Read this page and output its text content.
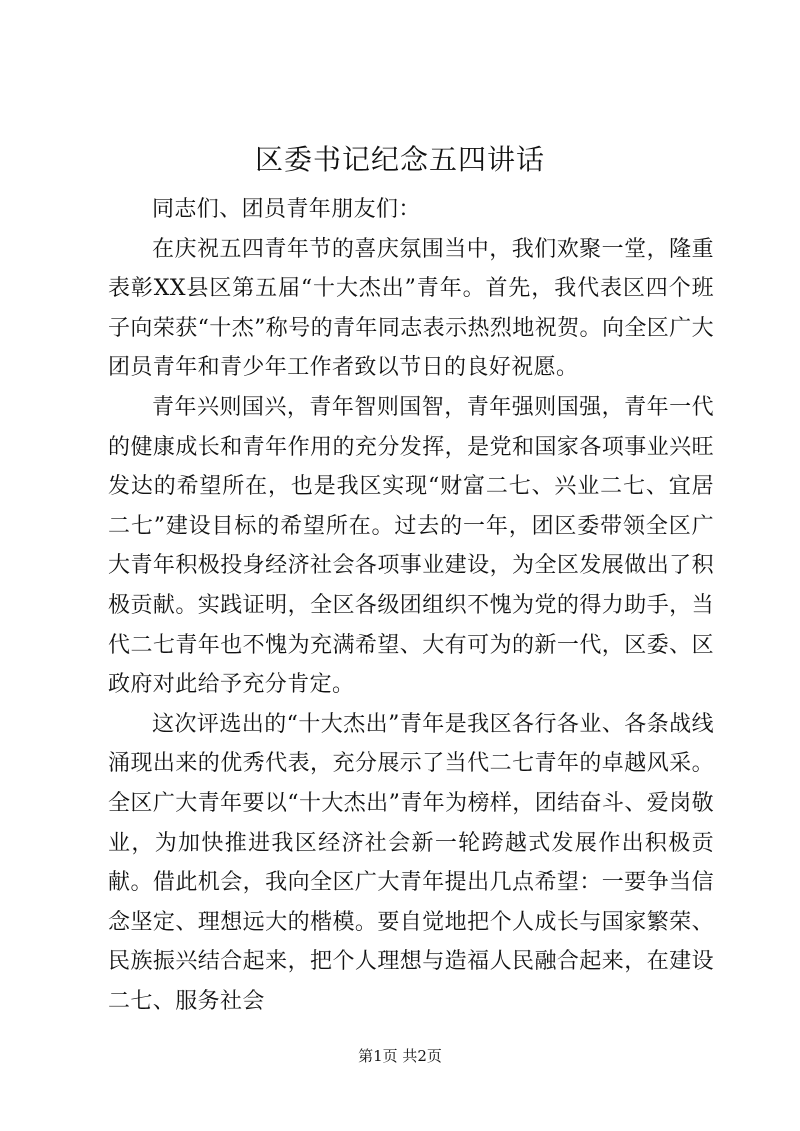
区委书记纪念五四讲话

同志们、团员青年朋友们：

在庆祝五四青年节的喜庆氛围当中，我们欢聚一堂，隆重表彰XX县区第五届“十大杰出”青年。首先，我代表区四个班子向荣获“十杰”称号的青年同志表示热烈地祝贺。向全区广大团员青年和青少年工作者致以节日的良好祝愿。

青年兴则国兴，青年智则国智，青年强则国强，青年一代的健康成长和青年作用的充分发挥，是党和国家各项事业兴旺发达的希望所在，也是我区实现“财富二七、兴业二七、宜居二七”建设目标的希望所在。过去的一年，团区委带领全区广大青年积极投身经济社会各项事业建设，为全区发展做出了积极贡献。实践证明，全区各级团组织不愧为党的得力助手，当代二七青年也不愧为充满希望、大有可为的新一代，区委、区政府对此给予充分肯定。

这次评选出的“十大杰出”青年是我区各行各业、各条战线涌现出来的优秀代表，充分展示了当代二七青年的卓越风采。全区广大青年要以“十大杰出”青年为榜样，团结奋斗、爱岗敬业，为加快推进我区经济社会新一轮跨越式发展作出积极贡献。借此机会，我向全区广大青年提出几点希望：一要争当信念坚定、理想远大的楷模。要自觉地把个人成长与国家繁荣、民族振兴结合起来，把个人理想与造福人民融合起来，在建设二七、服务社会

第1页 共2页
